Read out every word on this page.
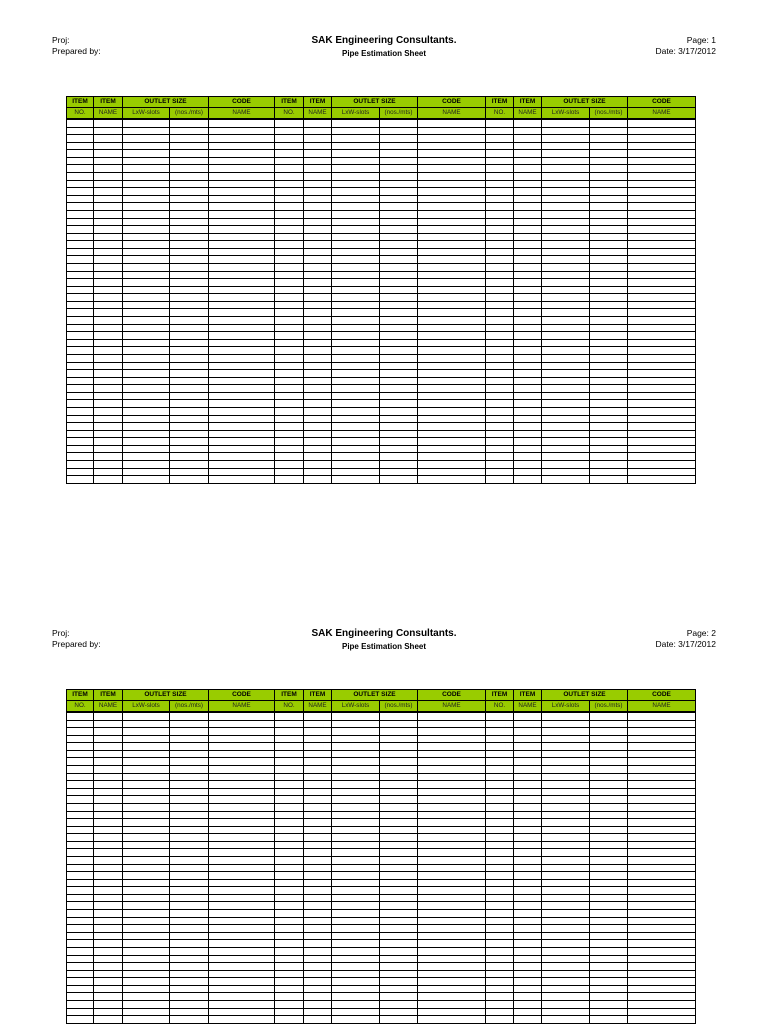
Proj:
Prepared by:
SAK Engineering Consultants.
Pipe Estimation Sheet
Page: 1
Date: 3/17/2012
ITEM	ITEM	OUTLET SIZE	CODE	ITEM	ITEM	OUTLET SIZE	CODE	ITEM	ITEM	OUTLET SIZE	CODE
NO.	NAME	LxW-slots	(nos./mts)	NAME	NO.	NAME	LxW-slots	(nos./mts)	NAME	NO.	NAME	LxW-slots	(nos./mts)	NAME
Proj:
Prepared by:
SAK Engineering Consultants.
Pipe Estimation Sheet
Page: 2
Date: 3/17/2012
ITEM	ITEM	OUTLET SIZE	CODE	ITEM	ITEM	OUTLET SIZE	CODE	ITEM	ITEM	OUTLET SIZE	CODE
NO.	NAME	LxW-slots	(nos./mts)	NAME	NO.	NAME	LxW-slots	(nos./mts)	NAME	NO.	NAME	LxW-slots	(nos./mts)	NAME
